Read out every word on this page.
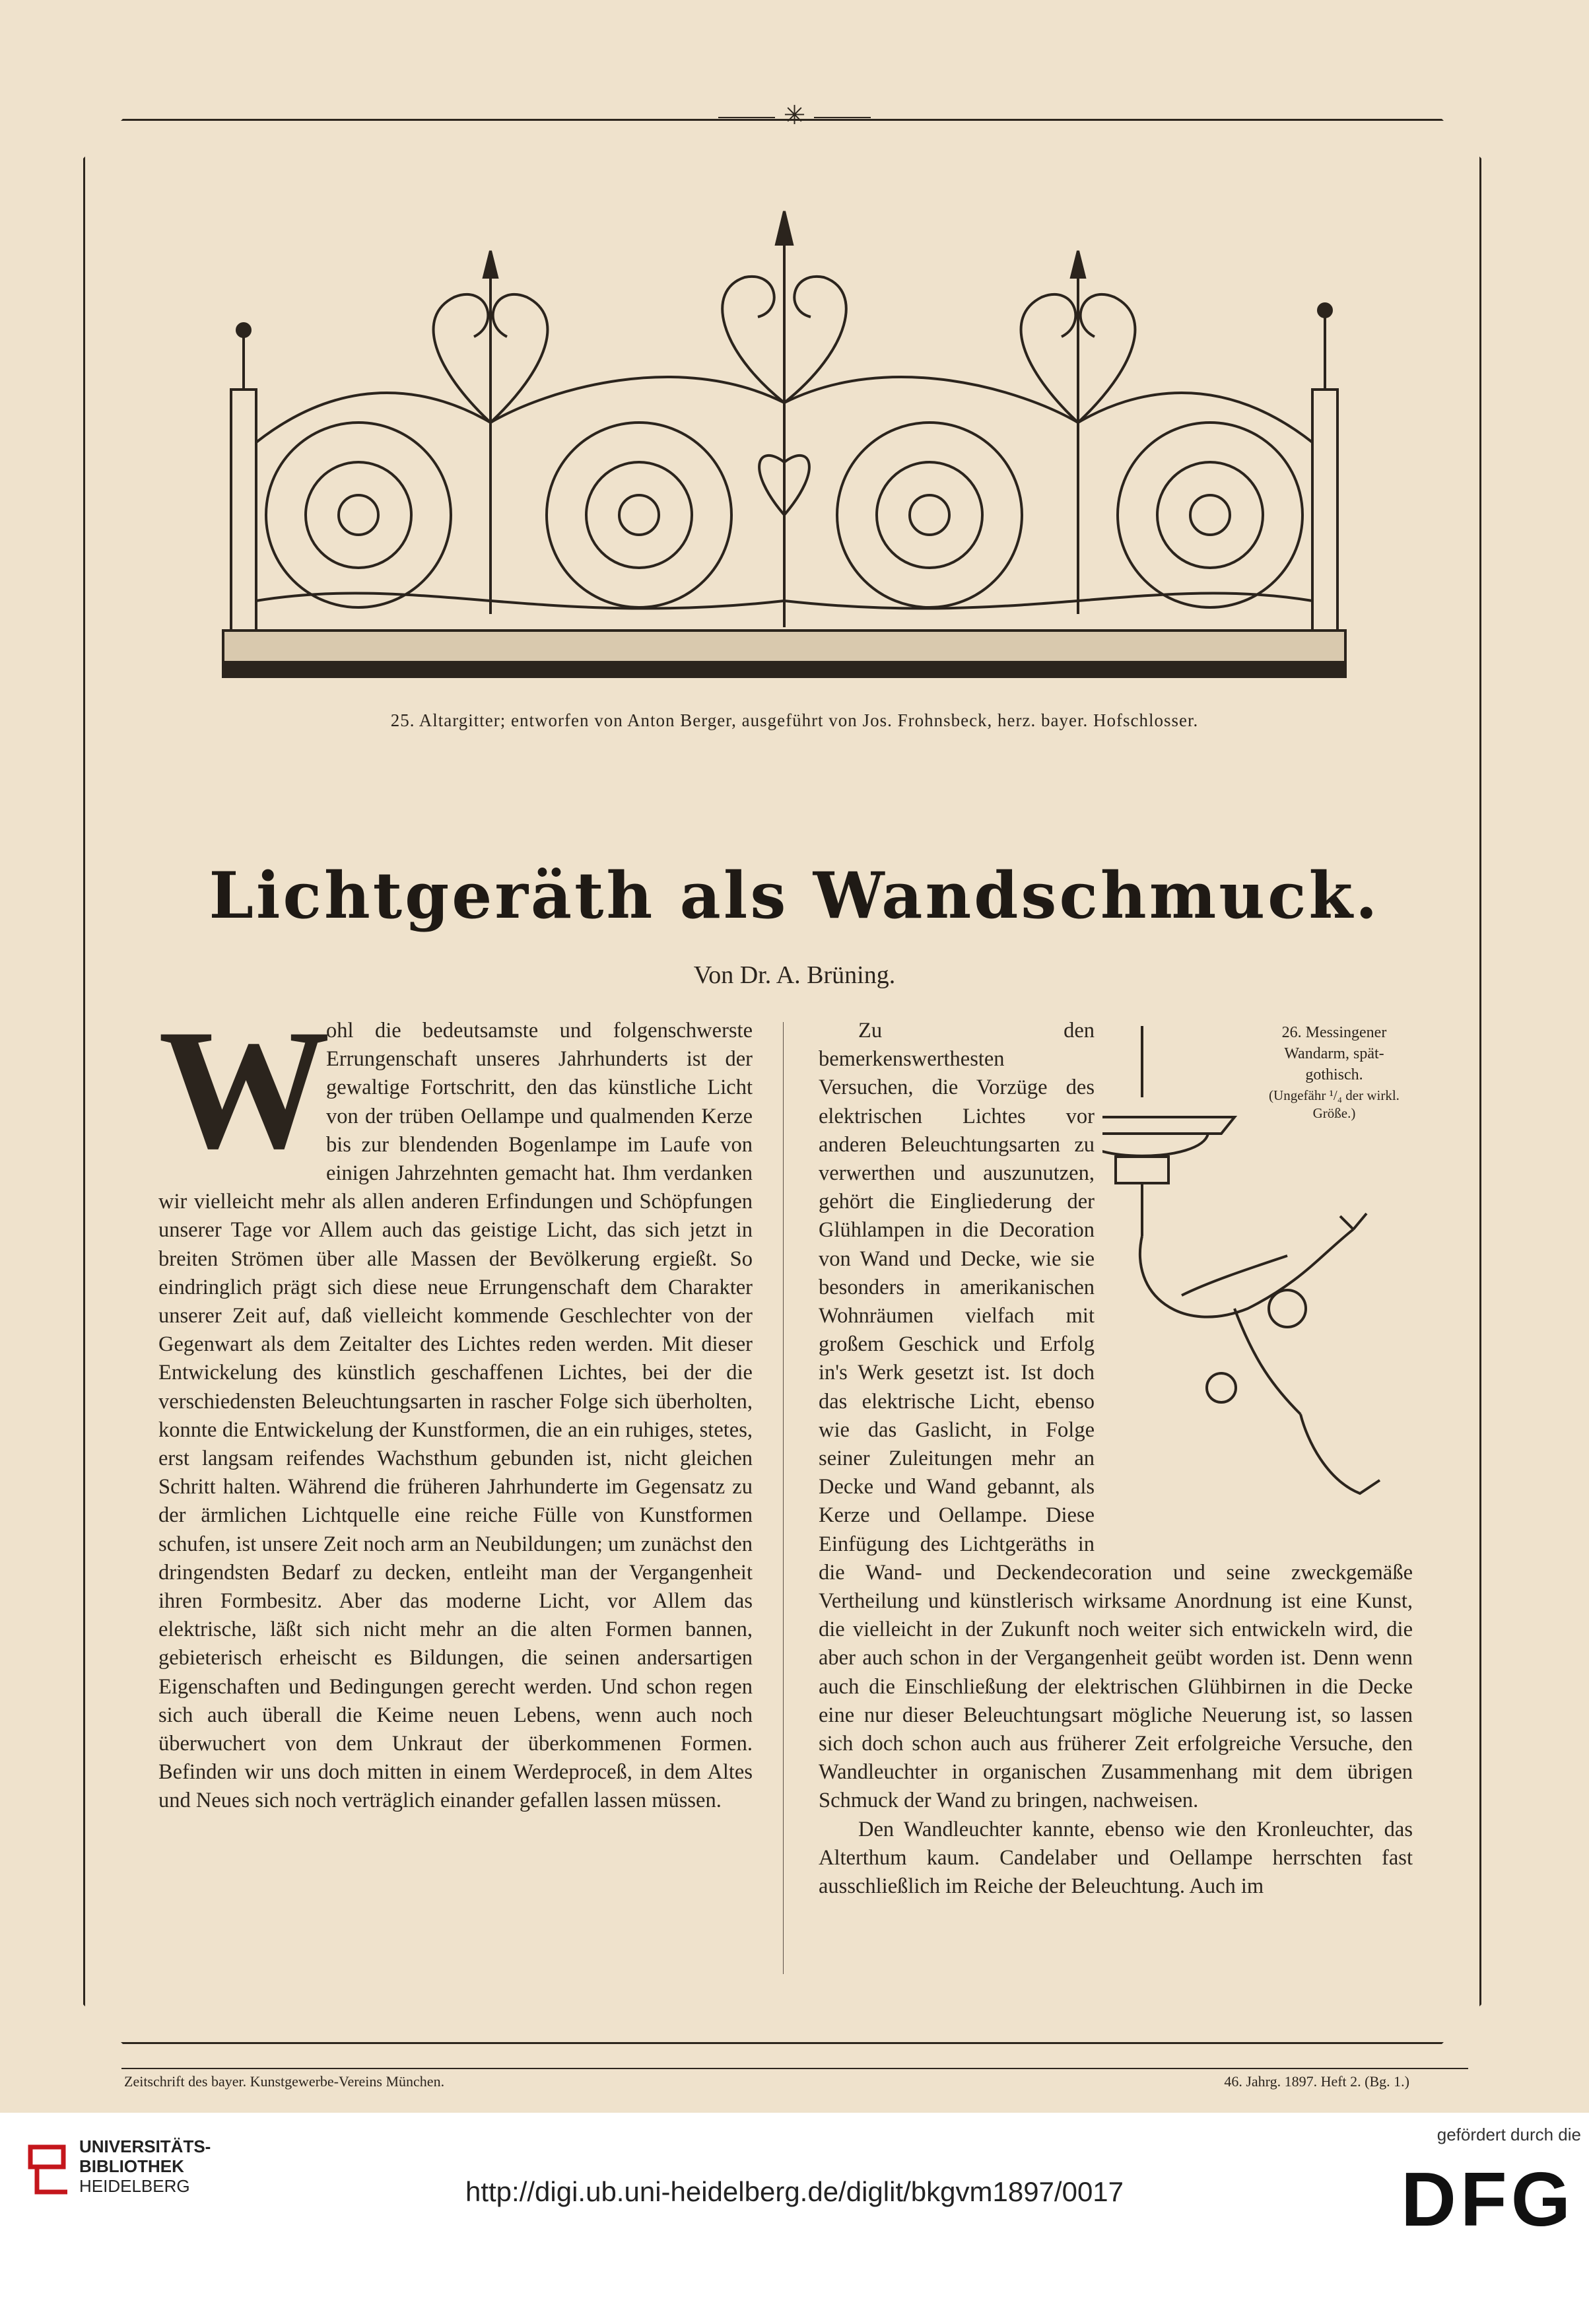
✳
25. Altargitter; entworfen von Anton Berger, ausgeführt von Jos. Frohnsbeck, herz. bayer. Hofschlosser.
Lichtgeräth als Wandschmuck.
Von Dr. A. Brüning.
W

ohl die bedeutsamste und folgenschwerste Errungenschaft unseres Jahrhunderts ist der gewaltige Fortschritt, den das künstliche Licht von der trüben Oellampe und qualmenden Kerze bis zur blendenden Bogenlampe im Laufe von einigen Jahrzehnten gemacht hat. Ihm verdanken wir vielleicht mehr als allen anderen Erfindungen und Schöpfungen unserer Tage vor Allem auch das geistige Licht, das sich jetzt in breiten Strömen über alle Massen der Bevölkerung ergießt. So eindringlich prägt sich diese neue Errungenschaft dem Charakter unserer Zeit auf, daß vielleicht kommende Geschlechter von der Gegenwart als dem Zeitalter des Lichtes reden werden. Mit dieser Entwickelung des künstlich geschaffenen Lichtes, bei der die verschiedensten Beleuchtungsarten in rascher Folge sich überholten, konnte die Entwickelung der Kunstformen, die an ein ruhiges, stetes, erst langsam reifendes Wachsthum gebunden ist, nicht gleichen Schritt halten. Während die früheren Jahrhunderte im Gegensatz zu der ärmlichen Lichtquelle eine reiche Fülle von Kunstformen schufen, ist unsere Zeit noch arm an Neubildungen; um zunächst den dringendsten Bedarf zu decken, entleiht man der Vergangenheit ihren Formbesitz. Aber das moderne Licht, vor Allem das elektrische, läßt sich nicht mehr an die alten Formen bannen, gebieterisch erheischt es Bildungen, die seinen andersartigen Eigenschaften und Bedingungen gerecht werden. Und schon regen sich auch überall die Keime neuen Lebens, wenn auch noch überwuchert von dem Unkraut der überkommenen Formen. Befinden wir uns doch mitten in einem Werdeproceß, in dem Altes und Neues sich noch verträglich einander gefallen lassen müssen.

26. Messingener
Wandarm, spät-
gothisch.
(Ungefähr ¹/₄ der wirkl. Größe.)

Zu den bemerkenswerthesten Versuchen, die Vorzüge des elektrischen Lichtes vor anderen Beleuchtungsarten zu verwerthen und auszunutzen, gehört die Eingliederung der Glühlampen in die Decoration von Wand und Decke, wie sie besonders in amerikanischen Wohnräumen vielfach mit großem Geschick und Erfolg in's Werk gesetzt ist. Ist doch das elektrische Licht, ebenso wie das Gaslicht, in Folge seiner Zuleitungen mehr an Decke und Wand gebannt, als Kerze und Oellampe. Diese Einfügung des Lichtgeräths in die Wand- und Deckendecoration und seine zweckgemäße Vertheilung und künstlerisch wirksame Anordnung ist eine Kunst, die vielleicht in der Zukunft noch weiter sich entwickeln wird, die aber auch schon in der Vergangenheit geübt worden ist. Denn wenn auch die Einschließung der elektrischen Glühbirnen in die Decke eine nur dieser Beleuchtungsart mögliche Neuerung ist, so lassen sich doch schon auch aus früherer Zeit erfolgreiche Versuche, den Wandleuchter in organischen Zusammenhang mit dem übrigen Schmuck der Wand zu bringen, nachweisen.

Den Wandleuchter kannte, ebenso wie den Kronleuchter, das Alterthum kaum. Candelaber und Oellampe herrschten fast ausschließlich im Reiche der Beleuchtung. Auch im

Zeitschrift des bayer. Kunstgewerbe-Vereins München.	46. Jahrg. 1897. Heft 2. (Bg. 1.)
UNIVERSITÄTS-
BIBLIOTHEK
HEIDELBERG	http://digi.ub.uni-heidelberg.de/diglit/bkgvm1897/0017
gefördert durch die
DFG
